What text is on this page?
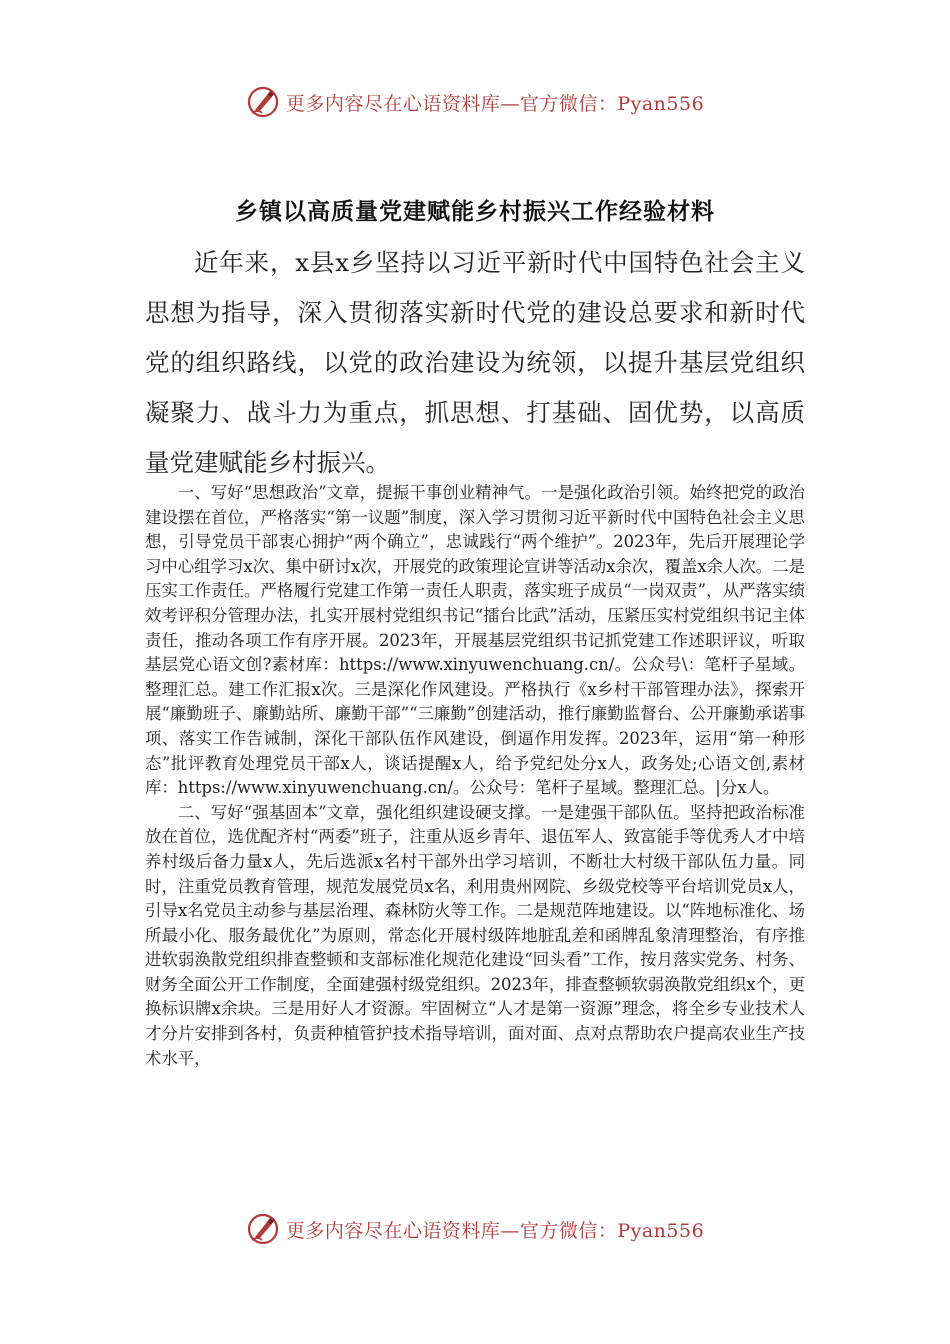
更多内容尽在心语资料库—官方微信：Pyan556
乡镇以高质量党建赋能乡村振兴工作经验材料

近年来，x县x乡坚持以习近平新时代中国特色社会主义思想为指导，深入贯彻落实新时代党的建设总要求和新时代党的组织路线，以党的政治建设为统领，以提升基层党组织凝聚力、战斗力为重点，抓思想、打基础、固优势，以高质量党建赋能乡村振兴。

一、写好“思想政治”文章，提振干事创业精神气。一是强化政治引领。始终把党的政治建设摆在首位，严格落实“第一议题”制度，深入学习贯彻习近平新时代中国特色社会主义思想，引导党员干部衷心拥护“两个确立”，忠诚践行“两个维护”。2023年，先后开展理论学习中心组学习x次、集中研讨x次，开展党的政策理论宣讲等活动x余次，覆盖x余人次。二是压实工作责任。严格履行党建工作第一责任人职责，落实班子成员“一岗双责”，从严落实绩效考评积分管理办法，扎实开展村党组织书记“擂台比武”活动，压紧压实村党组织书记主体责任，推动各项工作有序开展。2023年，开展基层党组织书记抓党建工作述职评议，听取基层党心语文创?素材库：https://www.xinyuwenchuang.cn/。公众号\：笔杆子星域。整理汇总。建工作汇报x次。三是深化作风建设。严格执行《x乡村干部管理办法》，探索开展“廉勤班子、廉勤站所、廉勤干部”“三廉勤”创建活动，推行廉勤监督台、公开廉勤承诺事项、落实工作告诫制，深化干部队伍作风建设，倒逼作用发挥。2023年，运用“第一种形态”批评教育处理党员干部x人，谈话提醒x人，给予党纪处分x人，政务处;心语文创,素材库：https://www.xinyuwenchuang.cn/。公众号：笔杆子星域。整理汇总。|分x人。

二、写好“强基固本”文章，强化组织建设硬支撑。一是建强干部队伍。坚持把政治标准放在首位，选优配齐村“两委”班子，注重从返乡青年、退伍军人、致富能手等优秀人才中培养村级后备力量x人，先后选派x名村干部外出学习培训，不断壮大村级干部队伍力量。同时，注重党员教育管理，规范发展党员x名，利用贵州网院、乡级党校等平台培训党员x人，引导x名党员主动参与基层治理、森林防火等工作。二是规范阵地建设。以“阵地标准化、场所最小化、服务最优化”为原则，常态化开展村级阵地脏乱差和函牌乱象清理整治，有序推进软弱涣散党组织排查整顿和支部标准化规范化建设“回头看”工作，按月落实党务、村务、财务全面公开工作制度，全面建强村级党组织。2023年，排查整顿软弱涣散党组织x个，更换标识牌x余块。三是用好人才资源。牢固树立“人才是第一资源”理念，将全乡专业技术人才分片安排到各村，负责种植管护技术指导培训，面对面、点对点帮助农户提高农业生产技术水平，

更多内容尽在心语资料库—官方微信：Pyan556
